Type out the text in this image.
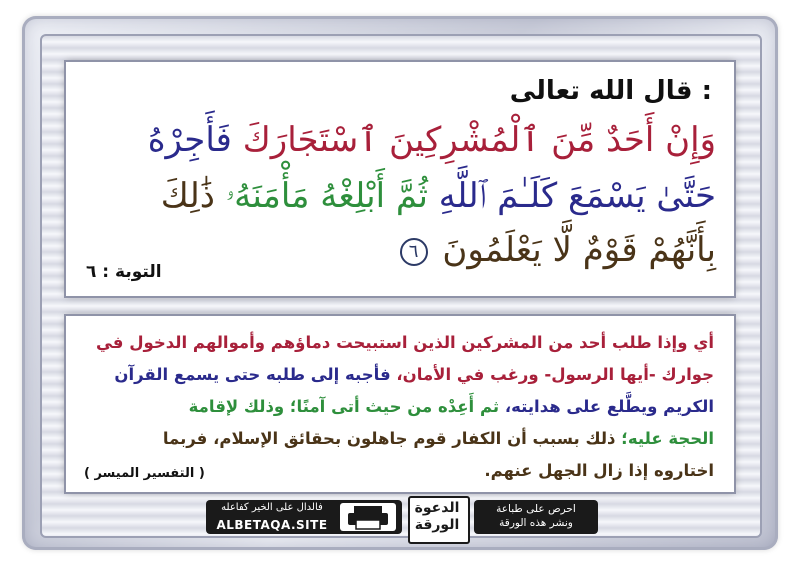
قال الله تعالى :
وَإِنْ أَحَدٌ مِّنَ ٱلْمُشْرِكِينَ ٱسْتَجَارَكَ فَأَجِرْهُ
حَتَّىٰ يَسْمَعَ كَلَـٰمَ ٱللَّهِ ثُمَّ أَبْلِغْهُ مَأْمَنَهُۥ ذَٰلِكَ
بِأَنَّهُمْ قَوْمٌ لَّا يَعْلَمُونَ ٦
التوبة : ٦
أي وإذا طلب أحد من المشركين الذين استبيحت دماؤهم وأموالهم الدخول في
جوارك -أيها الرسول- ورغب في الأمان، فأجبه إلى طلبه حتى يسمع القرآن
الكريم ويطَّلع على هدايته، ثم أَعِدْه من حيث أتى آمنًا؛ وذلك لإقامة
الحجة عليه؛ ذلك بسبب أن الكفار قوم جاهلون بحقائق الإسلام، فربما
اختاروه إذا زال الجهل عنهم.
( التفسير الميسر )
فالدال على الخير كفاعله
ALBETAQA.SITE
الدعوة
الورقة
احرص على طباعة
ونشر هذه الورقة
